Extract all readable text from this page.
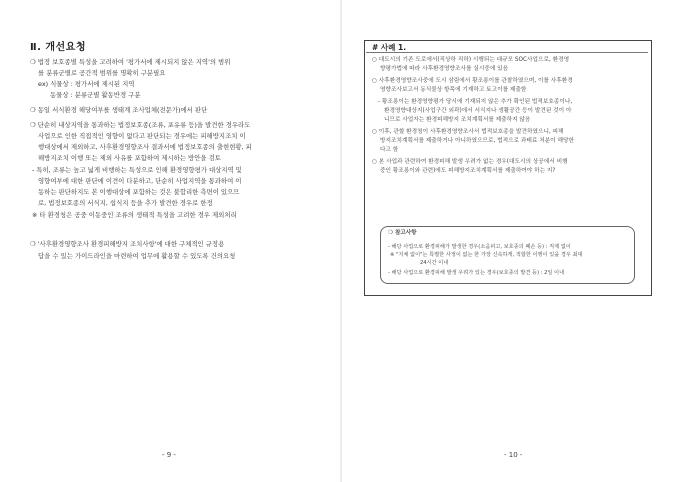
Ⅱ. 개선요청
❍ 법정 보호종별 특성을 고려하여 '평가서에 제시되지 않은 지역'의 범위
를 분류군별로 공간적 범위를 명확히 구분필요
ex) 식물상 : 평가서에 제시된 지역
동물상 : 분류군별 활동반경 구분
❍ 동일 서식환경 해당여부를 생태계 조사업체(전문가)에서 판단
❍ 단순히 내상지역을 통과하는 법정보호종(조류, 포유류 등)을 발견한 경우라도
사업으로 인한 직접적인 영향이 없다고 판단되는 경우에는 피해방지조치 이
행대상에서 제외하고, 사후환경영향조사 결과서에 법정보호종의 출현현황, 피
해방지조치 이행 또는 제외 사유를 포함하여 제시하는 방안을 검토
- 특히, 조류는 높고 넓게 비행하는 특성으로 인해 환경영향평가 대상지역 및
영향여부에 대한 판단에 이견이 다분하고, 단순히 사업지역을 통과하여 이
동하는 판단하지도 본 이행대상에 포함하는 것은 불합리한 측면이 있으므
로, 법정보호종의 서식지, 섭식지 등을 추가 발견한 경우로 한정
※ 타 환경청은 공중 이동중인 조류의 생태적 특성을 고려한 경우 제외처리
❍ '사후환경영향조사 환경피해방지 조치사항'에 대한 구체적인 규정용
답을 수 있는 가이드라인을 마련하여 업무에 활용할 수 있도록 건의요청
- 9 -
# 사례 1.
○ 대도시의 기존 도로에서(직상하 직하) 시행되는 대규모 SOC사업으로, 환경영
향평가법에 따라 사후환경영향조사를 실시중에 있음
○ 사후환경영향조사중에 도시 삼림에서 황조롱이를 관찰하였으며, 이를 사후환경
영향조사보고서 동식물상 항목에 기재하고 토고이를 제출함
- 황조롱이는 환경영향평가 당시에 기재되지 않은 추가 확인된 법적보호종이나,
환경영향대상지(사업구간 외곽)에서 서식지나 생활공간 등이 발견된 것이 아
니므로 사업자는 환경피해방지 조치계획서를 제출하지 않음
○ 이후, 관할 환경청이 사후환경영향조사서 법적보호종을 발견하였으니, 피해
방지조치계획서를 제출하거나 아니하였으므로, 법적으로 과태료 처분이 해당한
다고 함
○ 본 사업과 관련하여 환경피해 발생 우려가 없는 경우(대도시의 상공에서 비행
중인 황조롱이와 관련)에도 피해방지조치계획서를 제출하여야 하는 지?
❍ 참고사항
- 해당 사업으로 환경피해가 발생한 경우(소음피고, 보호종의 폐손 등) : 직제 없이
※ "지체 없이"는 특별한 사정이 없는 한 가장 신속하게, 적합한 이행이 있을 경우 최대
24시간 이내
- 해당 사업으로 환경피해 발생 우려가 있는 경우(보호종의 발견 등) : 2일 이내
- 10 -
